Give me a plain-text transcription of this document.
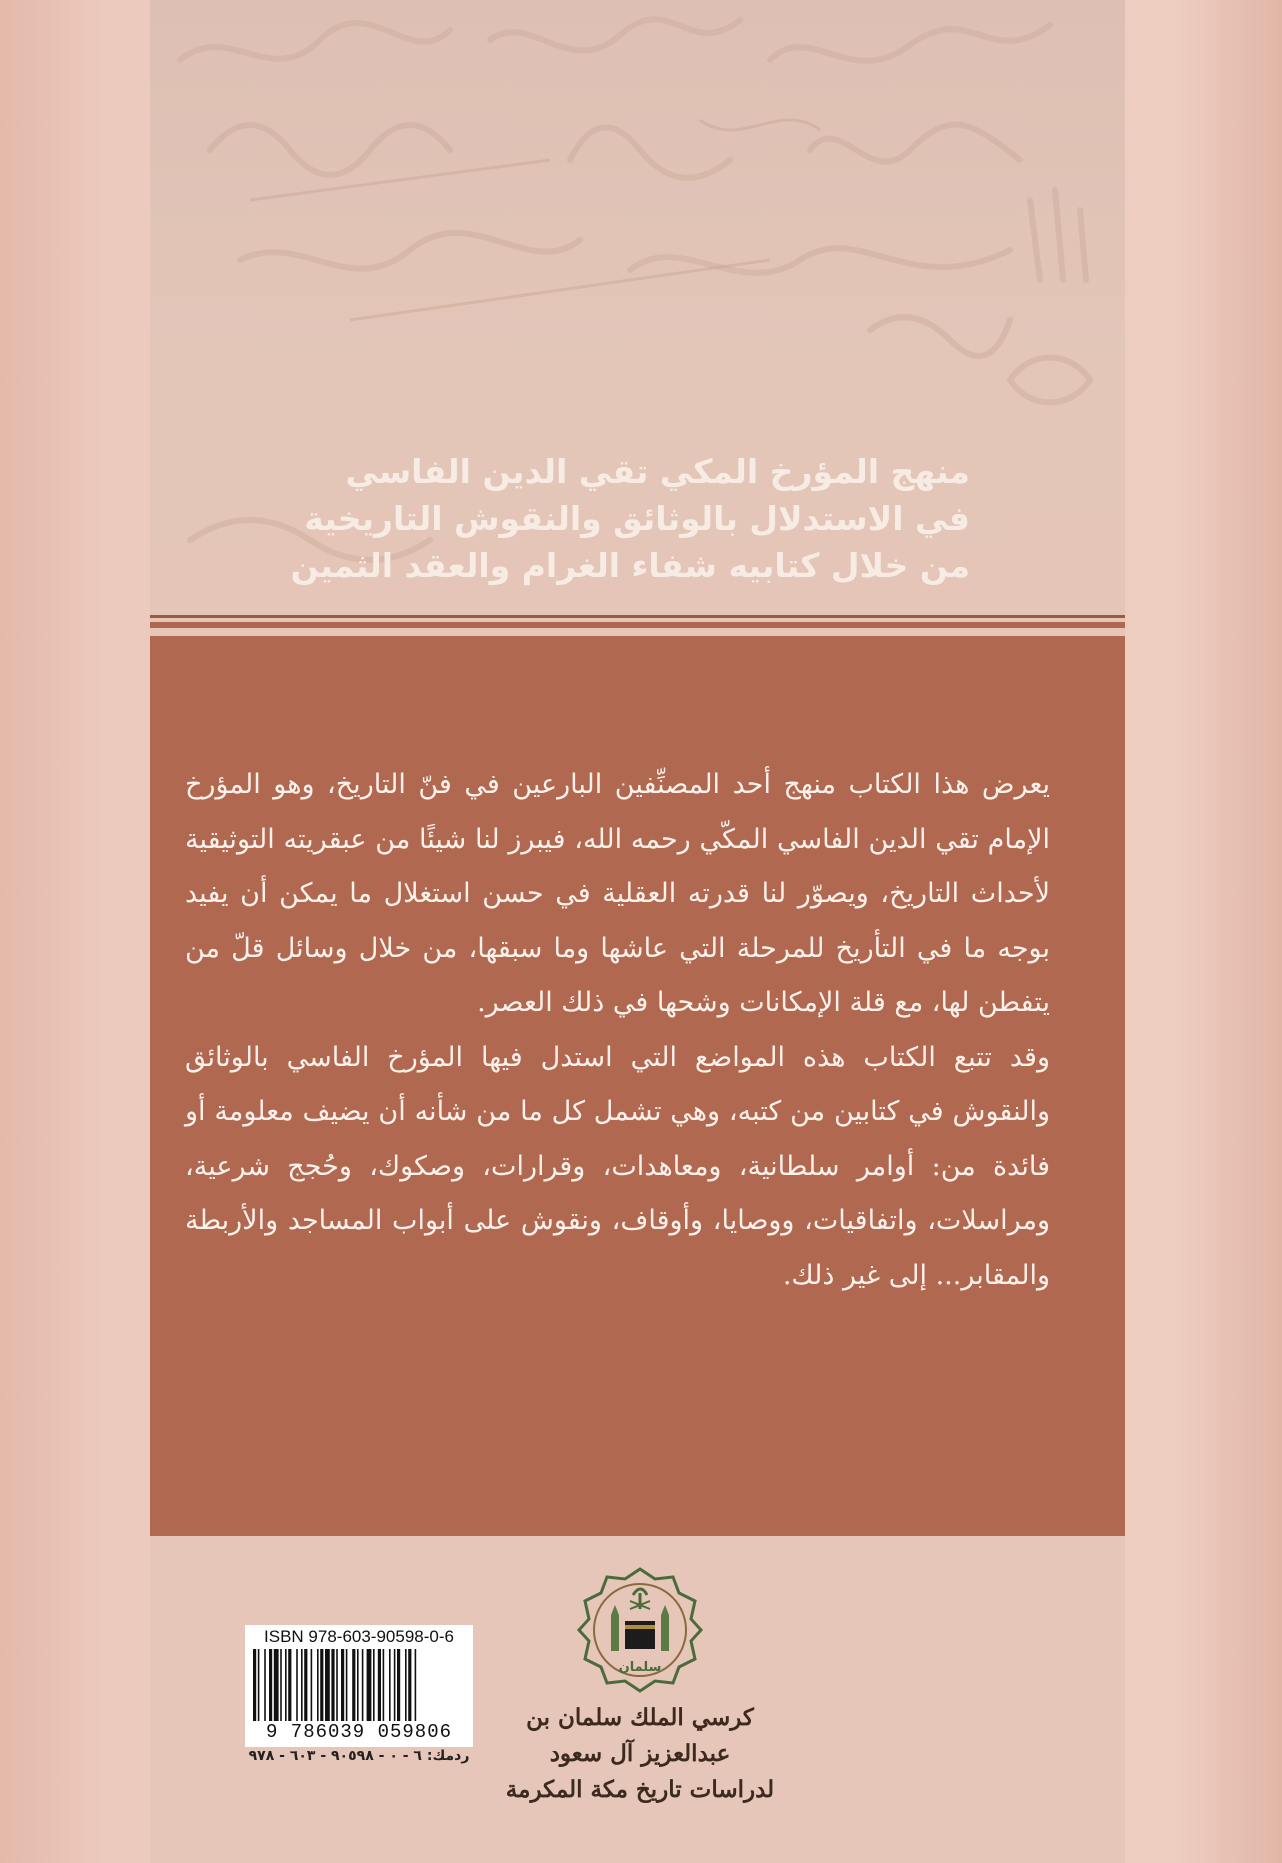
منهج المؤرخ المكي تقي الدين الفاسي
في الاستدلال بالوثائق والنقوش التاريخية
من خلال كتابيه شفاء الغرام والعقد الثمين

يعرض هذا الكتاب منهج أحد المصنِّفين البارعين في فنّ التاريخ، وهو المؤرخ الإمام تقي الدين الفاسي المكّي رحمه الله، فيبرز لنا شيئًا من عبقريته التوثيقية لأحداث التاريخ، ويصوّر لنا قدرته العقلية في حسن استغلال ما يمكن أن يفيد بوجه ما في التأريخ للمرحلة التي عاشها وما سبقها، من خلال وسائل قلّ من يتفطن لها، مع قلة الإمكانات وشحها في ذلك العصر.

وقد تتبع الكتاب هذه المواضع التي استدل فيها المؤرخ الفاسي بالوثائق والنقوش في كتابين من كتبه، وهي تشمل كل ما من شأنه أن يضيف معلومة أو فائدة من: أوامر سلطانية، ومعاهدات، وقرارات، وصكوك، وحُجج شرعية، ومراسلات، واتفاقيات، ووصايا، وأوقاف، ونقوش على أبواب المساجد والأربطة والمقابر... إلى غير ذلك.

سلمان
كرسي الملك سلمان بن عبدالعزيز آل سعود
لدراسات تاريخ مكة المكرمة
ISBN 978-603-90598-0-6
9 786039 059806
ردمك: ٦ - ٠ - ٩٠٥٩٨ - ٦٠٣ - ٩٧٨
